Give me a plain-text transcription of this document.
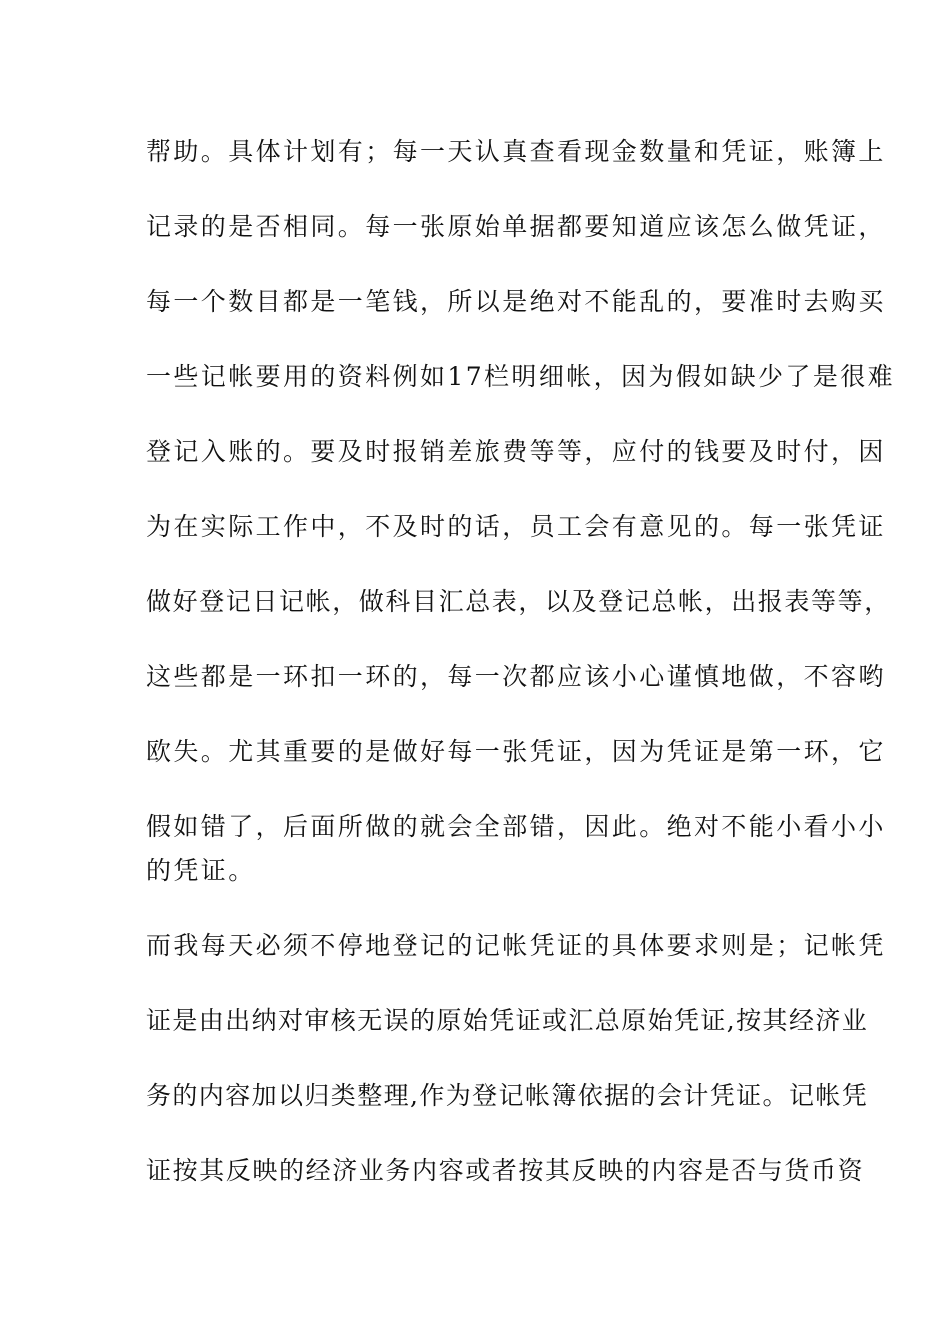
帮助。具体计划有；每一天认真查看现金数量和凭证，账簿上
记录的是否相同。每一张原始单据都要知道应该怎么做凭证，
每一个数目都是一笔钱，所以是绝对不能乱的，要准时去购买
一些记帐要用的资料例如17栏明细帐，因为假如缺少了是很难
登记入账的。要及时报销差旅费等等，应付的钱要及时付，因
为在实际工作中，不及时的话，员工会有意见的。每一张凭证
做好登记日记帐，做科目汇总表，以及登记总帐，出报表等等，
这些都是一环扣一环的，每一次都应该小心谨慎地做，不容哟
欧失。尤其重要的是做好每一张凭证，因为凭证是第一环，它
假如错了，后面所做的就会全部错，因此。绝对不能小看小小
的凭证。
而我每天必须不停地登记的记帐凭证的具体要求则是；记帐凭
证是由出纳对审核无误的原始凭证或汇总原始凭证,按其经济业
务的内容加以归类整理,作为登记帐簿依据的会计凭证。记帐凭
证按其反映的经济业务内容或者按其反映的内容是否与货币资
